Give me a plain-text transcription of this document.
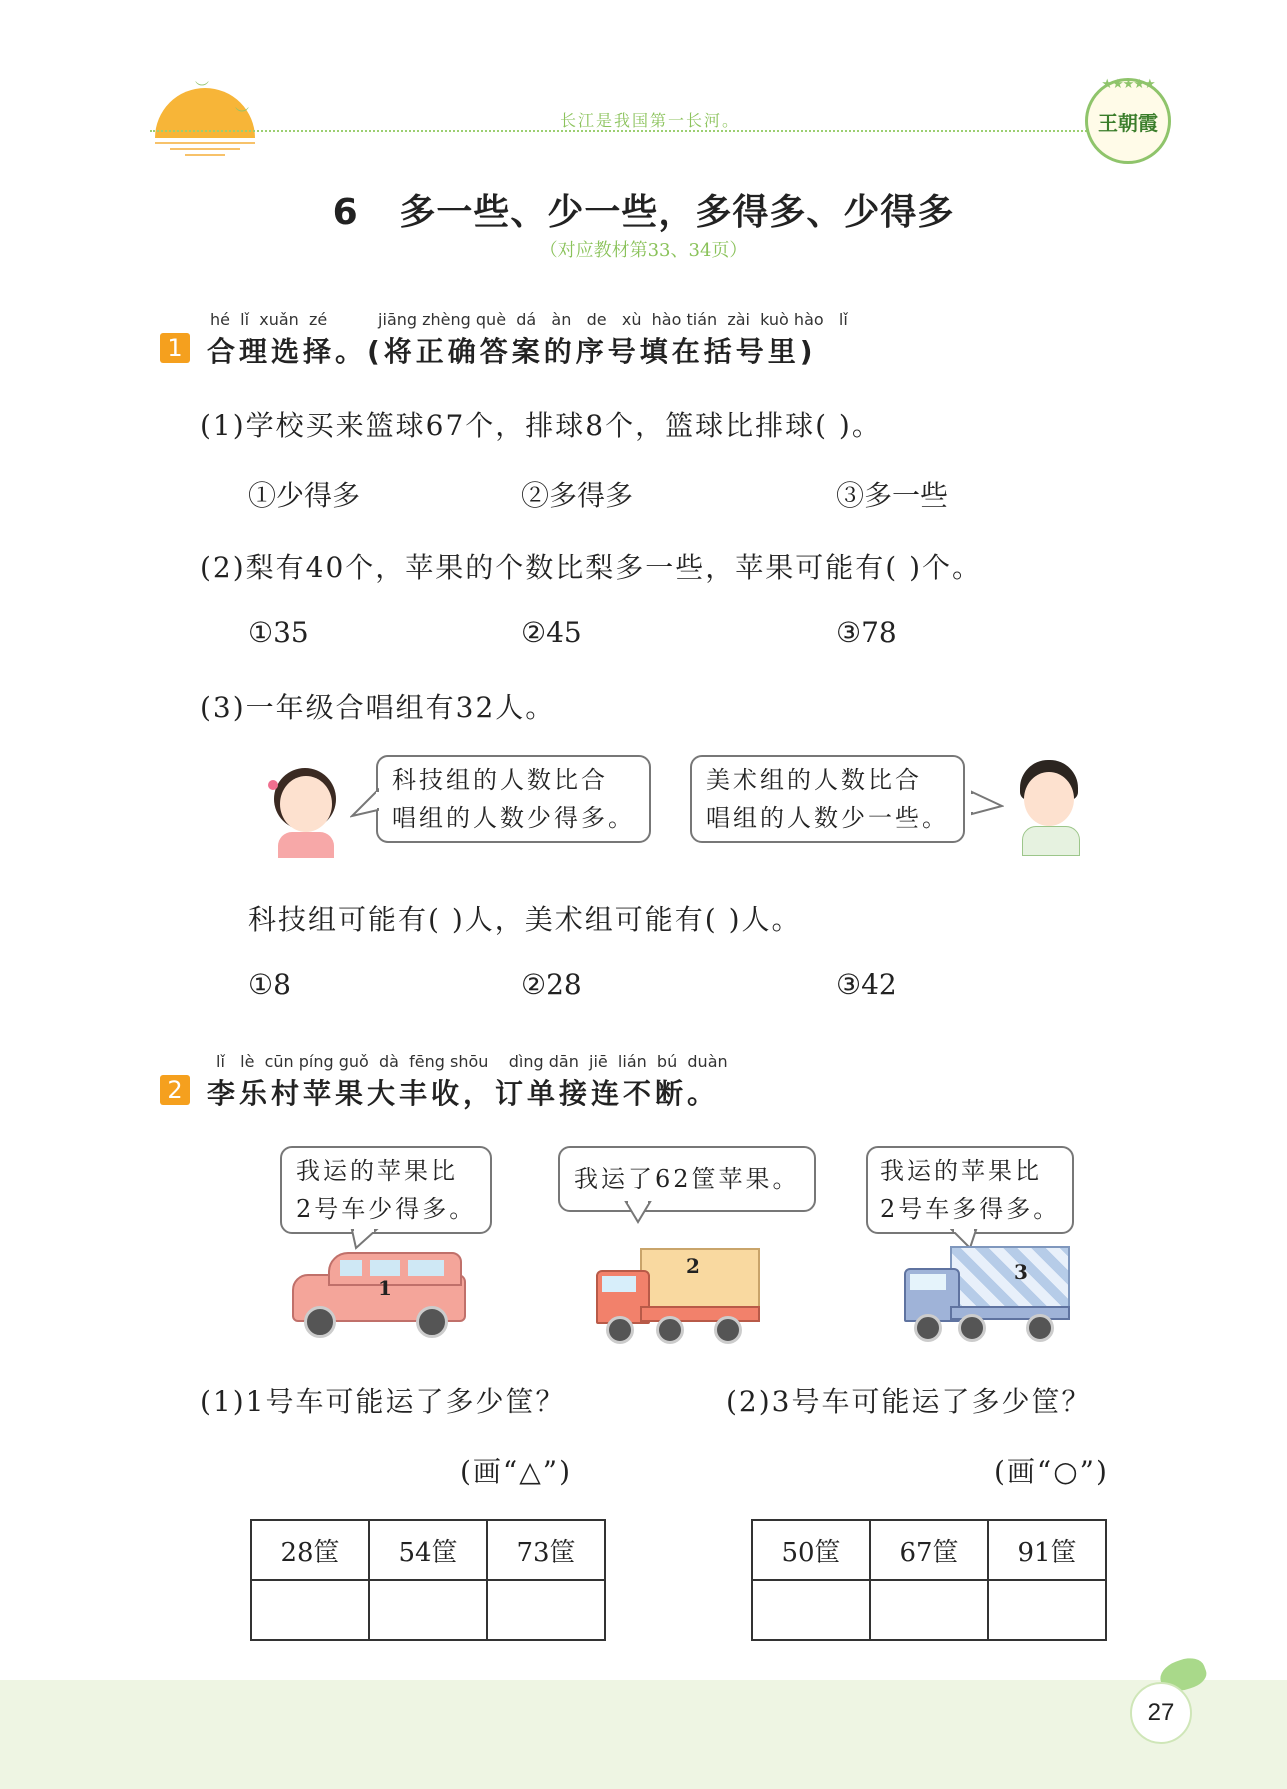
︶
︶	长江是我国第一长河。
★★★★★
王朝霞
6 多一些、少一些，多得多、少得多
（对应教材第33、34页）
hé  lǐ  xuǎn  zé          jiāng zhèng què  dá   àn   de   xù  hào tián  zài  kuò hào   lǐ
1 合理选择。(将正确答案的序号填在括号里)
(1)学校买来篮球67个，排球8个，篮球比排球( )。
①少得多	②多得多	③多一些
(2)梨有40个，苹果的个数比梨多一些，苹果可能有( )个。
①35	②45	③78
(3)一年级合唱组有32人。
科技组的人数比合
唱组的人数少得多。
美术组的人数比合
唱组的人数少一些。
科技组可能有( )人，美术组可能有( )人。
①8	②28	③42
lǐ   lè  cūn píng guǒ  dà  fēng shōu    dìng dān  jiē  lián  bú  duàn
2 李乐村苹果大丰收，订单接连不断。
我运的苹果比
2号车少得多。
我运了62筐苹果。	我运的苹果比
2号车多得多。
1
2	3
(1)1号车可能运了多少筐？
(画“△”)
(2)3号车可能运了多少筐？
(画“○”)
28筐	54筐	73筐
			50筐	67筐	91筐

27
